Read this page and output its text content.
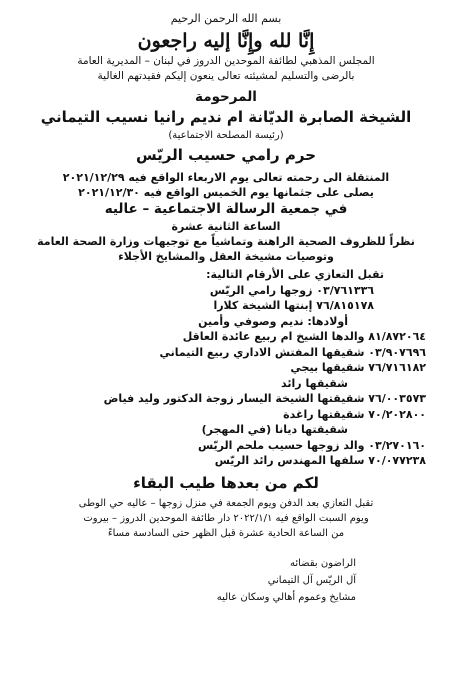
بسم الله الرحمن الرحيم
إِنَّا لله وإِنَّا إليه راجعون
المجلس المذهبي لطائفة الموحدين الدروز في لبنان – المديرية العامة
بالرضى والتسليم لمشيئته تعالى ينعون إليكم فقيدتهم الغالية
المرحومة
الشيخة الصابرة الديّانة ام نديم رانيا نسيب التيماني
(رئيسة المصلحة الاجتماعية)
حرم رامي حسيب الريّس
المنتقلة الى رحمته تعالى يوم الاربعاء الواقع فيه ٢٠٢١/١٢/٢٩
يصلى على جثمانها يوم الخميس الواقع فيه ٢٠٢١/١٢/٣٠
في جمعية الرسالة الاجتماعية – عاليه
الساعة الثانية عشرة
نظراً للظروف الصحية الراهنة وتماشياً مع توجيهات وزارة الصحة العامة
وتوصيات مشيخة العقل والمشايخ الأجلاء
تقبل التعازي على الأرقام التالية:
٠٣/٧٦١٣٣٦ زوجها رامي الريّس
٧٦/٨١٥١٧٨ إبنتها الشيخة كلارا
أولادها: نديم وصوفي وأمين
٨١/٨٧٢٠٦٤ والدها الشيخ ام ربيع عائدة العاقل
٠٣/٩٠٧٦٩٦ شقيقها المفتش الاداري ربيع التيماني
٧٦/٧١٦١٨٢ شقيقها بيجي
شقيقها رائد
٧٦/٠٠٣٥٧٣ شقيقتها الشيخة اليسار زوجة الدكتور وليد فياض
٧٠/٢٠٢٨٠٠ شقيقتها راغدة
شقيقتها ديانا (في المهجر)
٠٣/٢٧٠١٦٠ والد زوجها حسيب ملحم الريّس
٧٠/٠٧٧٢٣٨ سلفها المهندس رائد الريّس
لكم من بعدها طيب البقاء
تقبل التعازي بعد الدفن ويوم الجمعة في منزل زوجها – عاليه حي الوطى
ويوم السبت الواقع فيه ٢٠٢٢/١/١ دار طائفة الموحدين الدروز – بيروت
من الساعة الحادية عشرة قبل الظهر حتى السادسة مساءً
الراضون بقضائه
آل الريّس آل التيماني
مشايخ وعموم أهالي وسكان عاليه
